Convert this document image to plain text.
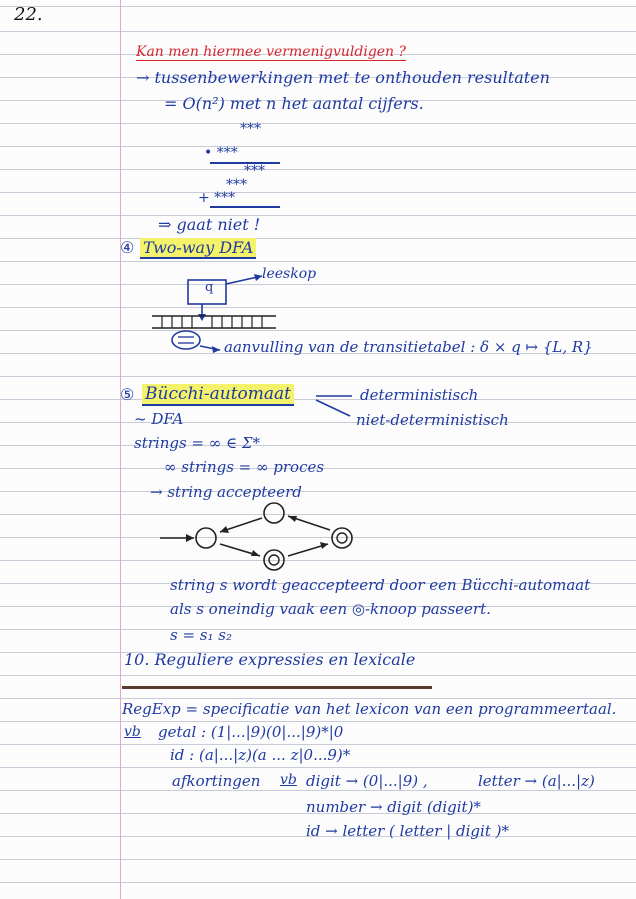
22.
Kan men hiermee vermenigvuldigen ?
→ tussenbewerkingen met te onthouden resultaten
= O(n²) met n het aantal cijfers.
***
• ***
***
***
+ ***
⇒ gaat niet !
④ Two-way DFA
q
leeskop
aanvulling van de transitietabel : δ × q ↦ {L, R}
⑤ Bücchi-automaat	deterministisch
niet-deterministisch
~ DFA
strings = ∞ ∈ Σ*
∞ strings = ∞ proces
→ string accepteerd
string s wordt geaccepteerd door een Bücchi-automaat
als s oneindig vaak een ◎-knoop passeert.
s = s₁ s₂
10. Reguliere expressies en lexicale
RegExp = specificatie van het lexicon van een programmeertaal.
vb getal : (1|...|9)(0|...|9)*|0
id : (a|...|z)(a ... z|0...9)*
afkortingen vb digit → (0|...|9) ,	letter → (a|...|z)
number → digit (digit)*
id → letter ( letter | digit )*
